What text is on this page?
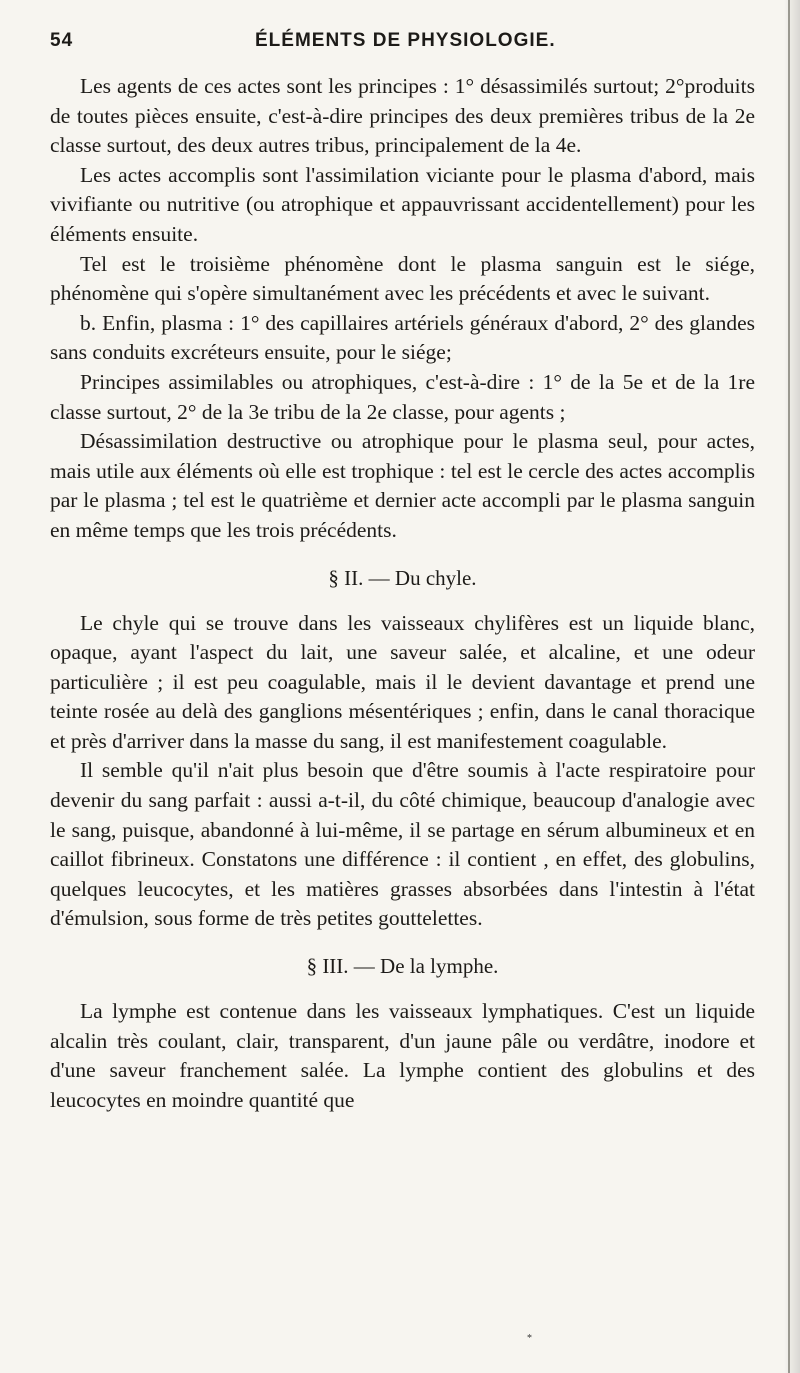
54	ÉLÉMENTS DE PHYSIOLOGIE.

Les agents de ces actes sont les principes : 1° désassimilés surtout; 2°produits de toutes pièces ensuite, c'est-à-dire principes des deux premières tribus de la 2e classe surtout, des deux autres tribus, principalement de la 4e.

Les actes accomplis sont l'assimilation viciante pour le plasma d'abord, mais vivifiante ou nutritive (ou atrophique et appauvrissant accidentellement) pour les éléments ensuite.

Tel est le troisième phénomène dont le plasma sanguin est le siége, phénomène qui s'opère simultanément avec les précédents et avec le suivant.

b. Enfin, plasma : 1° des capillaires artériels généraux d'abord, 2° des glandes sans conduits excréteurs ensuite, pour le siége;

Principes assimilables ou atrophiques, c'est-à-dire : 1° de la 5e et de la 1re classe surtout, 2° de la 3e tribu de la 2e classe, pour agents ;

Désassimilation destructive ou atrophique pour le plasma seul, pour actes, mais utile aux éléments où elle est trophique : tel est le cercle des actes accomplis par le plasma ; tel est le quatrième et dernier acte accompli par le plasma sanguin en même temps que les trois précédents.

§ II. — Du chyle.

Le chyle qui se trouve dans les vaisseaux chylifères est un liquide blanc, opaque, ayant l'aspect du lait, une saveur salée, et alcaline, et une odeur particulière ; il est peu coagulable, mais il le devient davantage et prend une teinte rosée au delà des ganglions mésentériques ; enfin, dans le canal thoracique et près d'arriver dans la masse du sang, il est manifestement coagulable.

Il semble qu'il n'ait plus besoin que d'être soumis à l'acte respiratoire pour devenir du sang parfait : aussi a-t-il, du côté chimique, beaucoup d'analogie avec le sang, puisque, abandonné à lui-même, il se partage en sérum albumineux et en caillot fibrineux. Constatons une différence : il contient , en effet, des globulins, quelques leucocytes, et les matières grasses absorbées dans l'intestin à l'état d'émulsion, sous forme de très petites gouttelettes.

§ III. — De la lymphe.

La lymphe est contenue dans les vaisseaux lymphatiques. C'est un liquide alcalin très coulant, clair, transparent, d'un jaune pâle ou verdâtre, inodore et d'une saveur franchement salée. La lymphe contient des globulins et des leucocytes en moindre quantité que

*
